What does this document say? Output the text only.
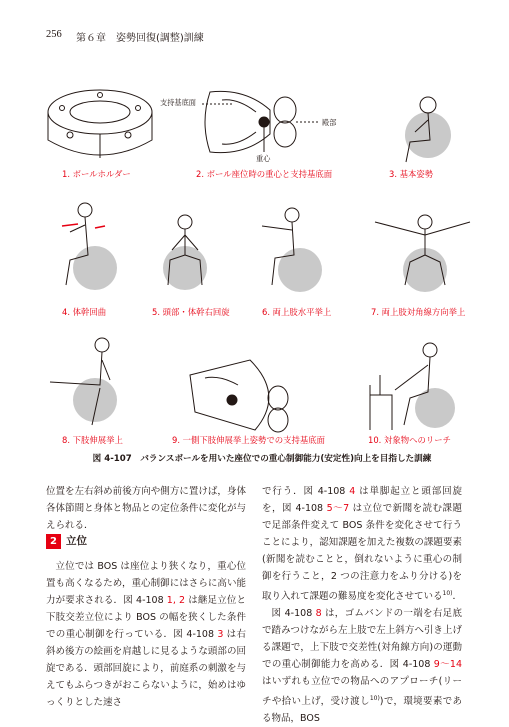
256 第６章　姿勢回復(調整)訓練
支持基底面
殿部
重心
1. ボールホルダー	2. ボール座位時の重心と支持基底面	3. 基本姿勢
4. 体幹回曲	5. 頭部・体幹右回旋	6. 両上肢水平挙上	7. 両上肢対角線方向挙上
8. 下肢伸展挙上	9. 一側下肢伸展挙上姿勢での支持基底面	10. 対象物へのリーチ
図 4-107　バランスボールを用いた座位での重心制御能力(安定性)向上を目指した訓練

位置を左右斜め前後方向や側方に置けば，身体各体節間と身体と物品との定位条件に変化が与えられる．

2 立位

立位では BOS は座位より狭くなり，重心位置も高くなるため，重心制御にはさらに高い能力が要求される．図 4-108 1, 2 は継足立位と下肢交差立位により BOS の幅を狭くした条件での重心制御を行っている．図 4-108 3 は右斜め後方の絵画を肩越しに見るような頭部の回旋である．頭部回旋により，前庭系の刺激を与えてもふらつきがおこらないように，始めはゆっくりとした速さ

で行う．図 4-108 4 は単脚起立と頭部回旋を，図 4-108 5～7 は立位で新聞を読む課題で足部条件変えて BOS 条件を変化させて行うことにより，認知課題を加えた複数の課題要素(新聞を読むことと，倒れないように重心の制御を行うこと，2 つの注意力をふり分ける)を取り入れて課題の難易度を変化させている$^{10)}$．

図 4-108 8 は，ゴムバンドの一端を右足底で踏みつけながら左上肢で左上斜方へ引き上げる課題で，上下肢で交差性(対角線方向)の運動での重心制御能力を高める．図 4-108 9～14 はいずれも立位での物品へのアプローチ(リーチや拾い上げ，受け渡し$^{10)}$)で，環境要素である物品，BOS
